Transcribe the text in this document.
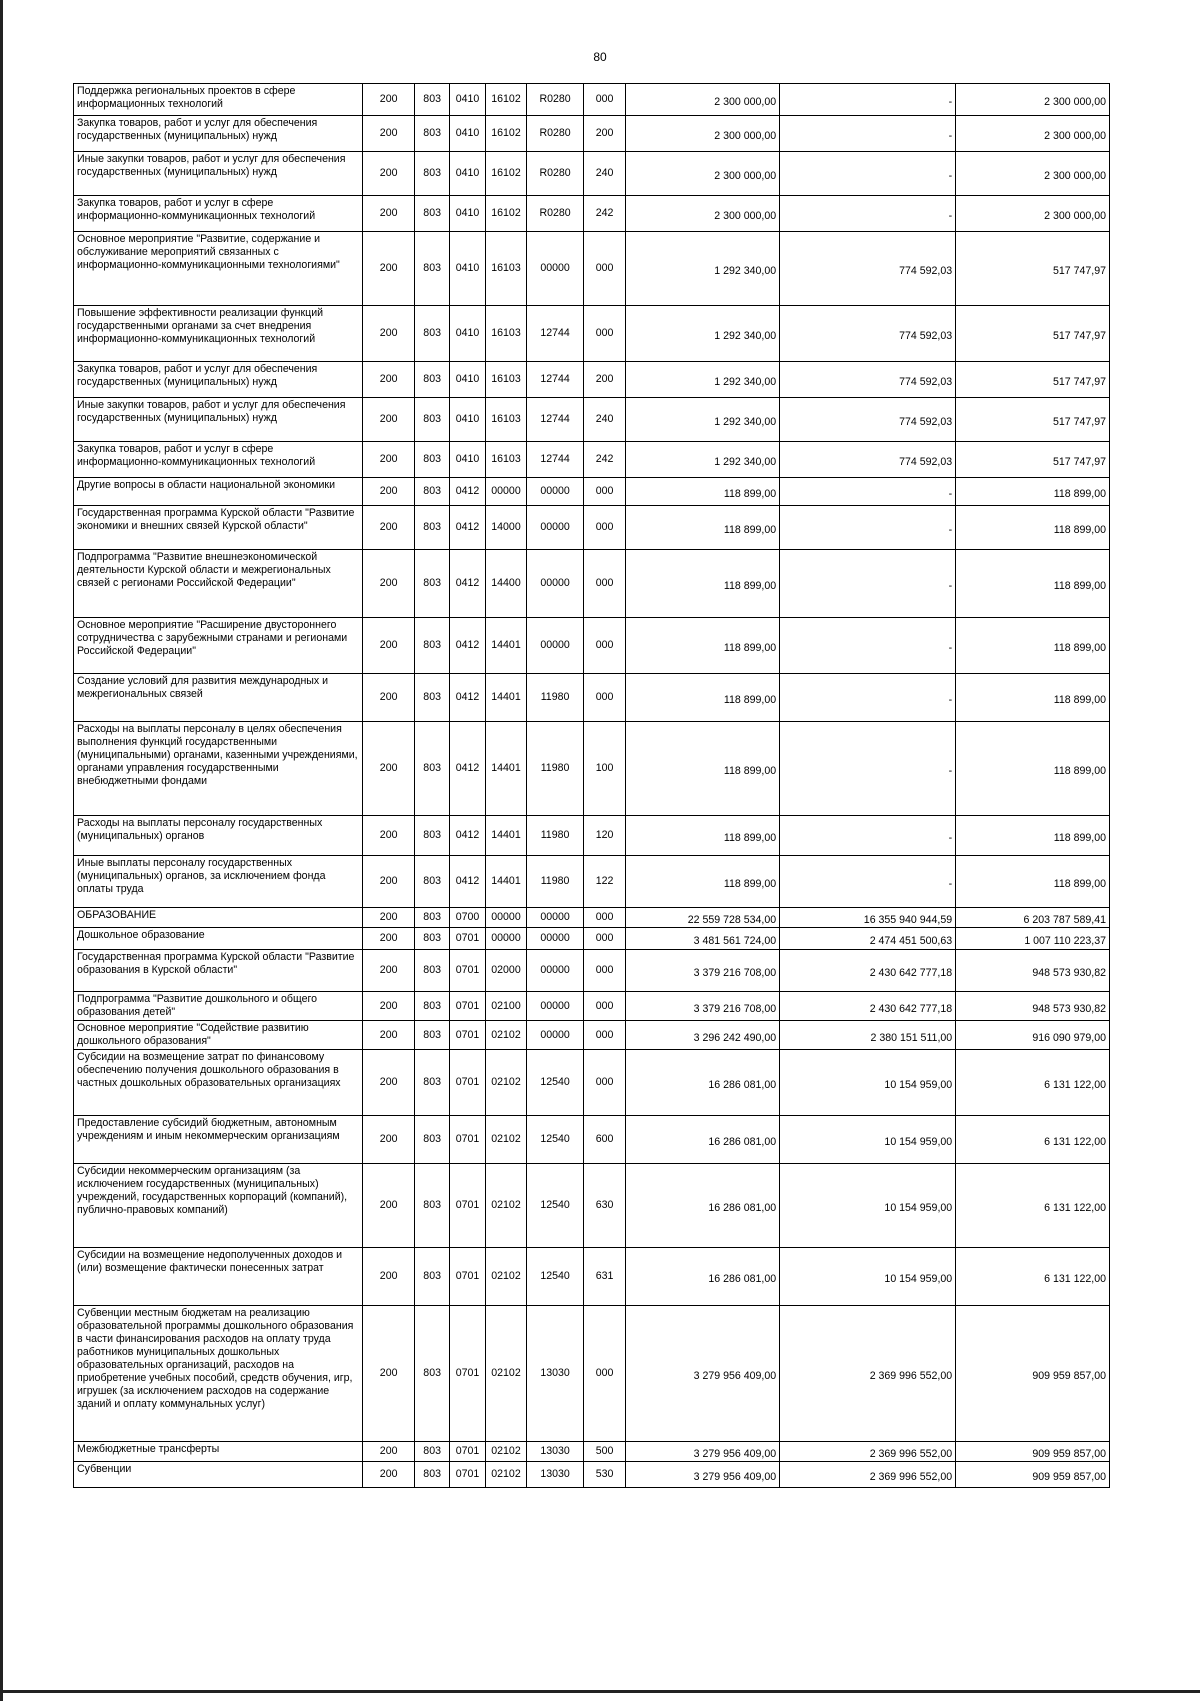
80
Поддержка региональных проектов в сфере информационных технологий	200	803	0410	16102	R0280	000	2 300 000,00	-	2 300 000,00
Закупка товаров, работ и услуг для обеспечения государственных (муниципальных) нужд	200	803	0410	16102	R0280	200	2 300 000,00	-	2 300 000,00
Иные закупки товаров, работ и услуг для обеспечения государственных (муниципальных) нужд	200	803	0410	16102	R0280	240	2 300 000,00	-	2 300 000,00
Закупка товаров, работ и услуг в сфере информационно-коммуникационных технологий	200	803	0410	16102	R0280	242	2 300 000,00	-	2 300 000,00
Основное мероприятие "Развитие, содержание и обслуживание мероприятий связанных с информационно-коммуникационными технологиями"	200	803	0410	16103	00000	000	1 292 340,00	774 592,03	517 747,97
Повышение эффективности реализации функций государственными органами за счет внедрения информационно-коммуникационных технологий	200	803	0410	16103	12744	000	1 292 340,00	774 592,03	517 747,97
Закупка товаров, работ и услуг для обеспечения государственных (муниципальных) нужд	200	803	0410	16103	12744	200	1 292 340,00	774 592,03	517 747,97
Иные закупки товаров, работ и услуг для обеспечения государственных (муниципальных) нужд	200	803	0410	16103	12744	240	1 292 340,00	774 592,03	517 747,97
Закупка товаров, работ и услуг в сфере информационно-коммуникационных технологий	200	803	0410	16103	12744	242	1 292 340,00	774 592,03	517 747,97
Другие вопросы в области национальной экономики	200	803	0412	00000	00000	000	118 899,00	-	118 899,00
Государственная программа Курской области "Развитие экономики и внешних связей Курской области"	200	803	0412	14000	00000	000	118 899,00	-	118 899,00
Подпрограмма "Развитие внешнеэкономической деятельности Курской области и межрегиональных связей с регионами Российской Федерации"	200	803	0412	14400	00000	000	118 899,00	-	118 899,00
Основное мероприятие "Расширение двустороннего сотрудничества с зарубежными странами и регионами Российской Федерации"	200	803	0412	14401	00000	000	118 899,00	-	118 899,00
Создание условий для развития международных и межрегиональных связей	200	803	0412	14401	11980	000	118 899,00	-	118 899,00
Расходы на выплаты персоналу в целях обеспечения выполнения функций государственными (муниципальными) органами, казенными учреждениями, органами управления государственными внебюджетными фондами	200	803	0412	14401	11980	100	118 899,00	-	118 899,00
Расходы на выплаты персоналу государственных (муниципальных) органов	200	803	0412	14401	11980	120	118 899,00	-	118 899,00
Иные выплаты персоналу государственных (муниципальных) органов, за исключением фонда оплаты труда	200	803	0412	14401	11980	122	118 899,00	-	118 899,00
ОБРАЗОВАНИЕ	200	803	0700	00000	00000	000	22 559 728 534,00	16 355 940 944,59	6 203 787 589,41
Дошкольное образование	200	803	0701	00000	00000	000	3 481 561 724,00	2 474 451 500,63	1 007 110 223,37
Государственная программа Курской области "Развитие образования в Курской области"	200	803	0701	02000	00000	000	3 379 216 708,00	2 430 642 777,18	948 573 930,82
Подпрограмма "Развитие дошкольного и общего образования детей"	200	803	0701	02100	00000	000	3 379 216 708,00	2 430 642 777,18	948 573 930,82
Основное мероприятие "Содействие развитию дошкольного образования"	200	803	0701	02102	00000	000	3 296 242 490,00	2 380 151 511,00	916 090 979,00
Субсидии на возмещение затрат по финансовому обеспечению получения дошкольного образования в частных дошкольных образовательных организациях	200	803	0701	02102	12540	000	16 286 081,00	10 154 959,00	6 131 122,00
Предоставление субсидий бюджетным, автономным учреждениям и иным некоммерческим организациям	200	803	0701	02102	12540	600	16 286 081,00	10 154 959,00	6 131 122,00
Субсидии некоммерческим организациям (за исключением государственных (муниципальных) учреждений, государственных корпораций (компаний), публично-правовых компаний)	200	803	0701	02102	12540	630	16 286 081,00	10 154 959,00	6 131 122,00
Субсидии на возмещение недополученных доходов и (или) возмещение фактически понесенных затрат	200	803	0701	02102	12540	631	16 286 081,00	10 154 959,00	6 131 122,00
Субвенции местным бюджетам на реализацию образовательной программы дошкольного образования в части финансирования расходов на оплату труда работников муниципальных дошкольных образовательных организаций, расходов на приобретение учебных пособий, средств обучения, игр, игрушек (за исключением расходов на содержание зданий и оплату коммунальных услуг)	200	803	0701	02102	13030	000	3 279 956 409,00	2 369 996 552,00	909 959 857,00
Межбюджетные трансферты	200	803	0701	02102	13030	500	3 279 956 409,00	2 369 996 552,00	909 959 857,00
Субвенции	200	803	0701	02102	13030	530	3 279 956 409,00	2 369 996 552,00	909 959 857,00
